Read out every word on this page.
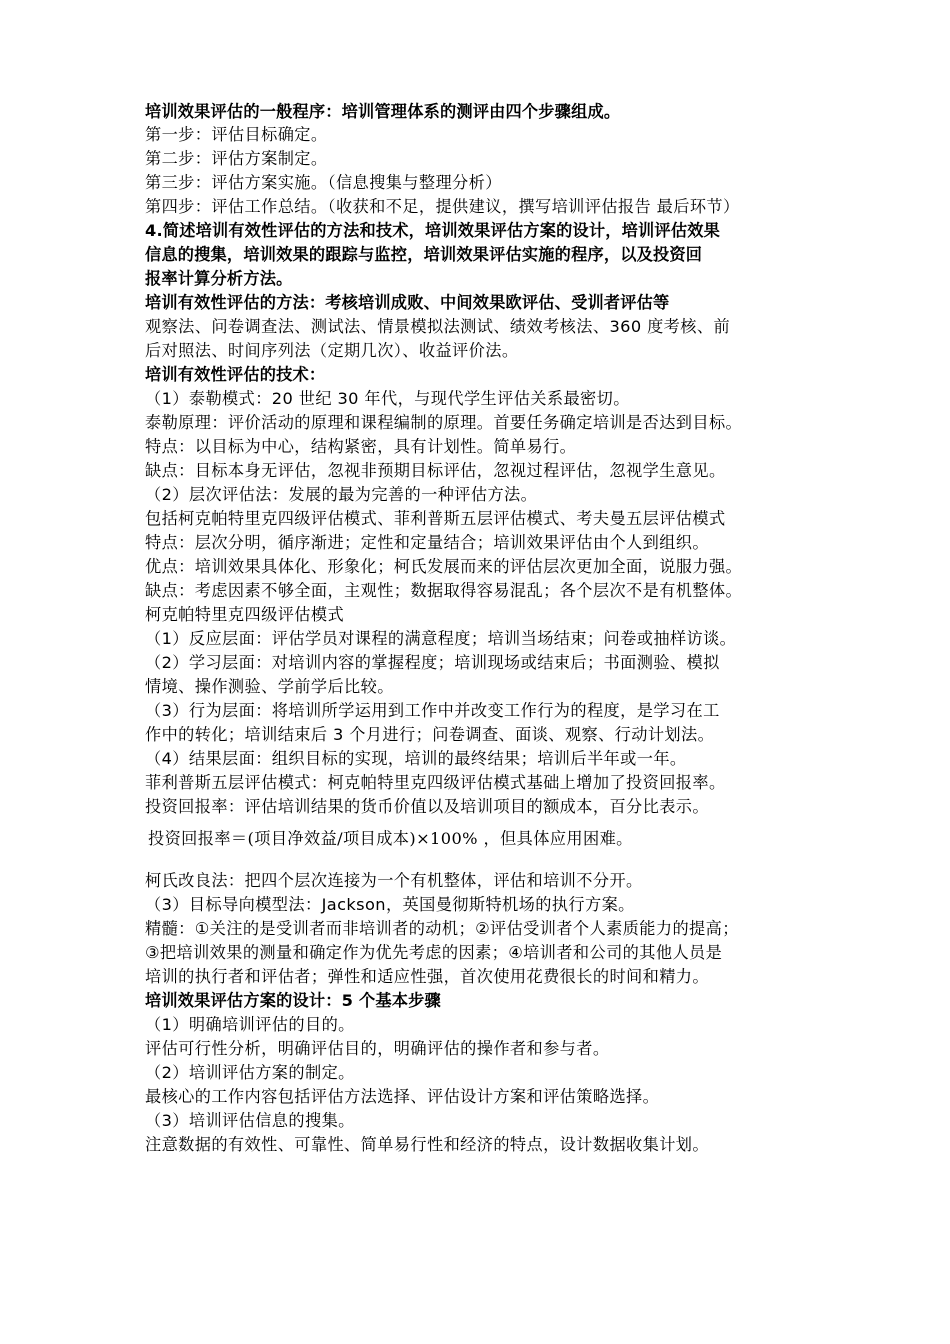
培训效果评估的一般程序：培训管理体系的测评由四个步骤组成。

第一步：评估目标确定。

第二步：评估方案制定。

第三步：评估方案实施。（信息搜集与整理分析）

第四步：评估工作总结。（收获和不足，提供建议，撰写培训评估报告 最后环节）

4.简述培训有效性评估的方法和技术，培训效果评估方案的设计，培训评估效果

信息的搜集，培训效果的跟踪与监控，培训效果评估实施的程序，以及投资回

报率计算分析方法。

培训有效性评估的方法：考核培训成败、中间效果欧评估、受训者评估等

观察法、问卷调查法、测试法、情景模拟法测试、绩效考核法、360 度考核、前

后对照法、时间序列法（定期几次）、收益评价法。

培训有效性评估的技术：

（1）泰勒模式：20 世纪 30 年代，与现代学生评估关系最密切。

泰勒原理：评价活动的原理和课程编制的原理。首要任务确定培训是否达到目标。

特点：以目标为中心，结构紧密，具有计划性。简单易行。

缺点：目标本身无评估，忽视非预期目标评估，忽视过程评估，忽视学生意见。

（2）层次评估法：发展的最为完善的一种评估方法。

包括柯克帕特里克四级评估模式、菲利普斯五层评估模式、考夫曼五层评估模式

特点：层次分明，循序渐进；定性和定量结合；培训效果评估由个人到组织。

优点：培训效果具体化、形象化；柯氏发展而来的评估层次更加全面，说服力强。

缺点：考虑因素不够全面，主观性；数据取得容易混乱；各个层次不是有机整体。

柯克帕特里克四级评估模式

（1）反应层面：评估学员对课程的满意程度；培训当场结束；问卷或抽样访谈。

（2）学习层面：对培训内容的掌握程度；培训现场或结束后；书面测验、模拟

情境、操作测验、学前学后比较。

（3）行为层面：将培训所学运用到工作中并改变工作行为的程度，是学习在工

作中的转化；培训结束后 3 个月进行；问卷调查、面谈、观察、行动计划法。

（4）结果层面：组织目标的实现，培训的最终结果；培训后半年或一年。

菲利普斯五层评估模式：柯克帕特里克四级评估模式基础上增加了投资回报率。

投资回报率：评估培训结果的货币价值以及培训项目的额成本，百分比表示。

投资回报率＝(项目净效益/项目成本)×100% ，但具体应用困难。

柯氏改良法：把四个层次连接为一个有机整体，评估和培训不分开。

（3）目标导向模型法：Jackson，英国曼彻斯特机场的执行方案。

精髓：①关注的是受训者而非培训者的动机；②评估受训者个人素质能力的提高；

③把培训效果的测量和确定作为优先考虑的因素；④培训者和公司的其他人员是

培训的执行者和评估者；弹性和适应性强，首次使用花费很长的时间和精力。

培训效果评估方案的设计：5 个基本步骤

（1）明确培训评估的目的。

评估可行性分析，明确评估目的，明确评估的操作者和参与者。

（2）培训评估方案的制定。

最核心的工作内容包括评估方法选择、评估设计方案和评估策略选择。

（3）培训评估信息的搜集。

注意数据的有效性、可靠性、简单易行性和经济的特点，设计数据收集计划。
